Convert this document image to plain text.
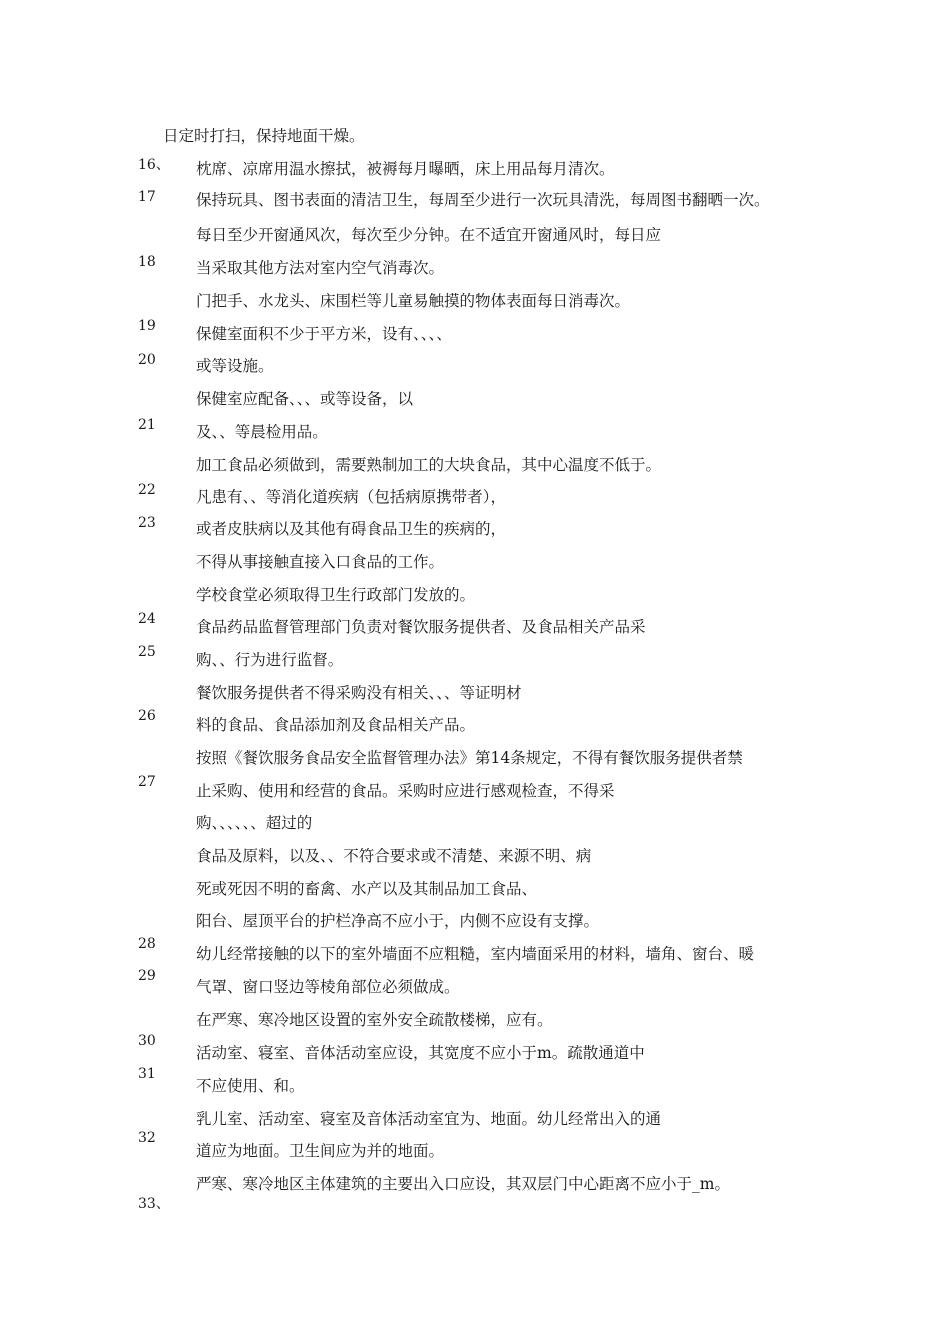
日定时打扫，保持地面干燥。
枕席、凉席用温水擦拭，被褥每月曝晒，床上用品每月清次。
保持玩具、图书表面的清洁卫生，每周至少进行一次玩具清洗，每周图书翻晒一次。
每日至少开窗通风次，每次至少分钟。在不适宜开窗通风时，每日应
当采取其他方法对室内空气消毒次。
门把手、水龙头、床围栏等儿童易触摸的物体表面每日消毒次。
保健室面积不少于平方米，设有、、、、
或等设施。
保健室应配备、、、或等设备，以
及、、等晨检用品。
加工食品必须做到，需要熟制加工的大块食品，其中心温度不低于。
凡患有、、等消化道疾病（包括病原携带者），
或者皮肤病以及其他有碍食品卫生的疾病的，
不得从事接触直接入口食品的工作。
学校食堂必须取得卫生行政部门发放的。
食品药品监督管理部门负责对餐饮服务提供者、及食品相关产品采
购、、行为进行监督。
餐饮服务提供者不得采购没有相关、、、等证明材
料的食品、食品添加剂及食品相关产品。
按照《餐饮服务食品安全监督管理办法》第14条规定，不得有餐饮服务提供者禁
止采购、使用和经营的食品。采购时应进行感观检查，不得采
购、、、、、、超过的
食品及原料，以及、、不符合要求或不清楚、来源不明、病
死或死因不明的畜禽、水产以及其制品加工食品、
阳台、屋顶平台的护栏净高不应小于，内侧不应设有支撑。
幼儿经常接触的以下的室外墙面不应粗糙，室内墙面采用的材料，墙角、窗台、暖
气罩、窗口竖边等棱角部位必须做成。
在严寒、寒冷地区设置的室外安全疏散楼梯，应有。
活动室、寝室、音体活动室应设，其宽度不应小于m。疏散通道中
不应使用、和。
乳儿室、活动室、寝室及音体活动室宜为、地面。幼儿经常出入的通
道应为地面。卫生间应为并的地面。
严寒、寒冷地区主体建筑的主要出入口应设，其双层门中心距离不应小于_m。
16、
17
18
19
20
21
22
23
24
25
26
27
28
29
30
31
32
33、
